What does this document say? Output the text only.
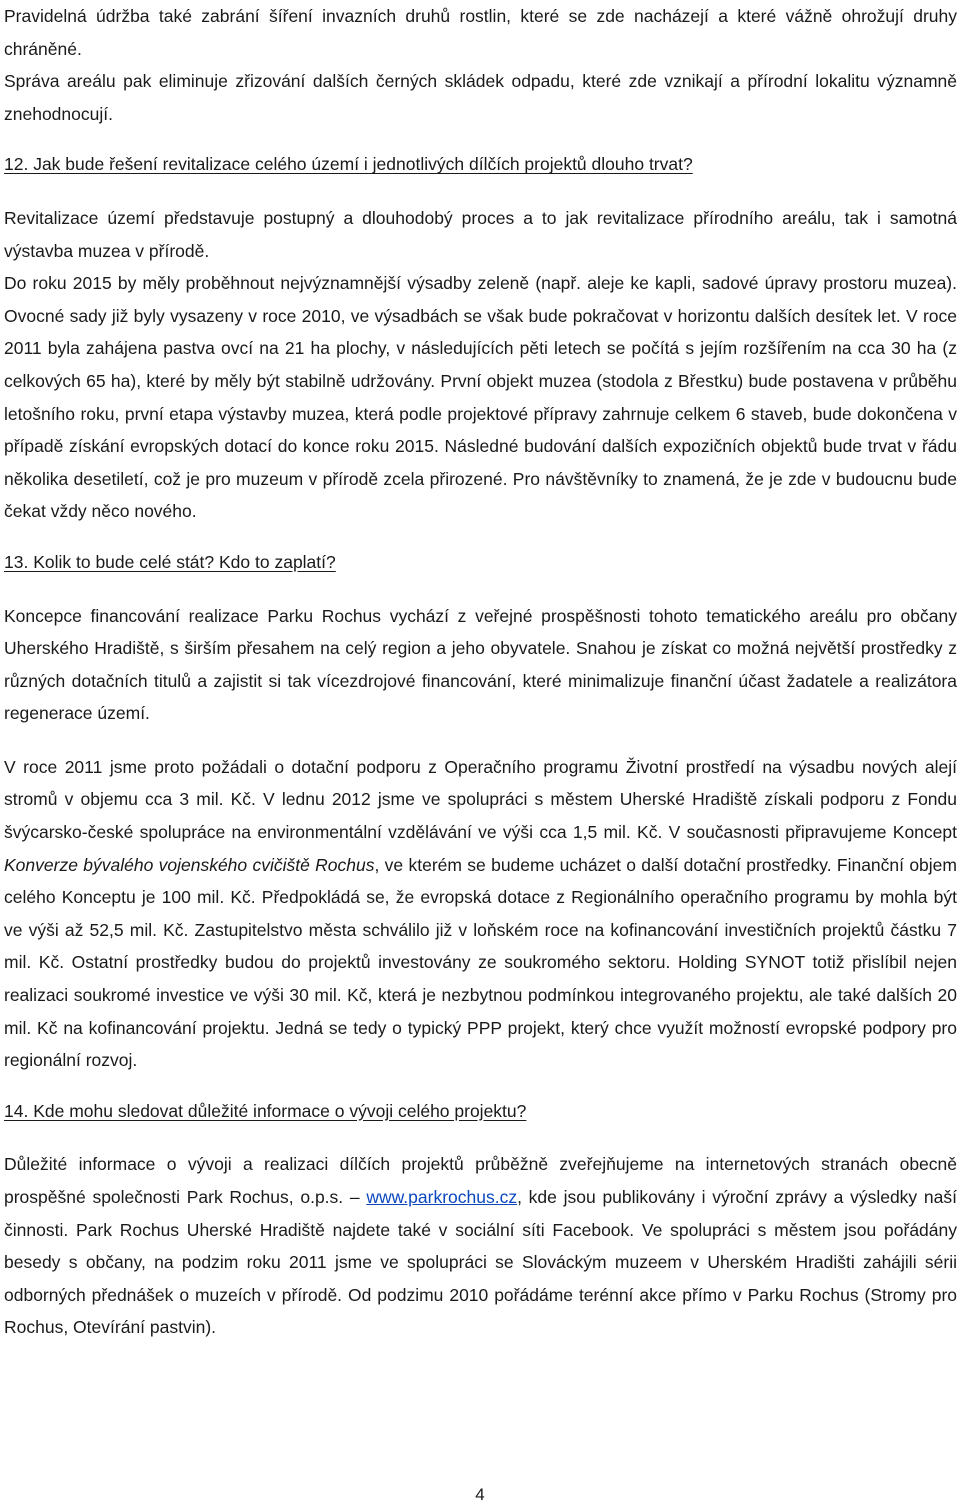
Pravidelná údržba také zabrání šíření invazních druhů rostlin, které se zde nacházejí a které vážně ohrožují druhy chráněné.

Správa areálu pak eliminuje zřizování dalších černých skládek odpadu, které zde vznikají a přírodní lokalitu významně znehodnocují.

12. Jak bude řešení revitalizace celého území i jednotlivých dílčích projektů dlouho trvat?

Revitalizace území představuje postupný a dlouhodobý proces a to jak revitalizace přírodního areálu, tak i samotná výstavba muzea v přírodě.

Do roku 2015 by měly proběhnout nejvýznamnější výsadby zeleně (např. aleje ke kapli, sadové úpravy prostoru muzea). Ovocné sady již byly vysazeny v roce 2010, ve výsadbách se však bude pokračovat v horizontu dalších desítek let. V roce 2011 byla zahájena pastva ovcí na 21 ha plochy, v následujících pěti letech se počítá s jejím rozšířením na cca 30 ha (z celkových 65 ha), které by měly být stabilně udržovány. První objekt muzea (stodola z Břestku) bude postavena v průběhu letošního roku, první etapa výstavby muzea, která podle projektové přípravy zahrnuje celkem 6 staveb, bude dokončena v případě získání evropských dotací do konce roku 2015. Následné budování dalších expozičních objektů bude trvat v řádu několika desetiletí, což je pro muzeum v přírodě zcela přirozené. Pro návštěvníky to znamená, že je zde v budoucnu bude čekat vždy něco nového.

13. Kolik to bude celé stát? Kdo to zaplatí?

Koncepce financování realizace Parku Rochus vychází z veřejné prospěšnosti tohoto tematického areálu pro občany Uherského Hradiště, s širším přesahem na celý region a jeho obyvatele. Snahou je získat co možná největší prostředky z různých dotačních titulů a zajistit si tak vícezdrojové financování, které minimalizuje finanční účast žadatele a realizátora regenerace území.

V roce 2011 jsme proto požádali o dotační podporu z Operačního programu Životní prostředí na výsadbu nových alejí stromů v objemu cca 3 mil. Kč. V lednu 2012 jsme ve spolupráci s městem Uherské Hradiště získali podporu z Fondu švýcarsko-české spolupráce na environmentální vzdělávání ve výši cca 1,5 mil. Kč. V současnosti připravujeme Koncept Konverze bývalého vojenského cvičiště Rochus, ve kterém se budeme ucházet o další dotační prostředky. Finanční objem celého Konceptu je 100 mil. Kč. Předpokládá se, že evropská dotace z Regionálního operačního programu by mohla být ve výši až 52,5 mil. Kč. Zastupitelstvo města schválilo již v loňském roce na kofinancování investičních projektů částku 7 mil. Kč. Ostatní prostředky budou do projektů investovány ze soukromého sektoru. Holding SYNOT totiž přislíbil nejen realizaci soukromé investice ve výši 30 mil. Kč, která je nezbytnou podmínkou integrovaného projektu, ale také dalších 20 mil. Kč na kofinancování projektu. Jedná se tedy o typický PPP projekt, který chce využít možností evropské podpory pro regionální rozvoj.

14. Kde mohu sledovat důležité informace o vývoji celého projektu?

Důležité informace o vývoji a realizaci dílčích projektů průběžně zveřejňujeme na internetových stranách obecně prospěšné společnosti Park Rochus, o.p.s. – www.parkrochus.cz, kde jsou publikovány i výroční zprávy a výsledky naší činnosti. Park Rochus Uherské Hradiště najdete také v sociální síti Facebook. Ve spolupráci s městem jsou pořádány besedy s občany, na podzim roku 2011 jsme ve spolupráci se Slováckým muzeem v Uherském Hradišti zahájili sérii odborných přednášek o muzeích v přírodě. Od podzimu 2010 pořádáme terénní akce přímo v Parku Rochus (Stromy pro Rochus, Otevírání pastvin).

4
